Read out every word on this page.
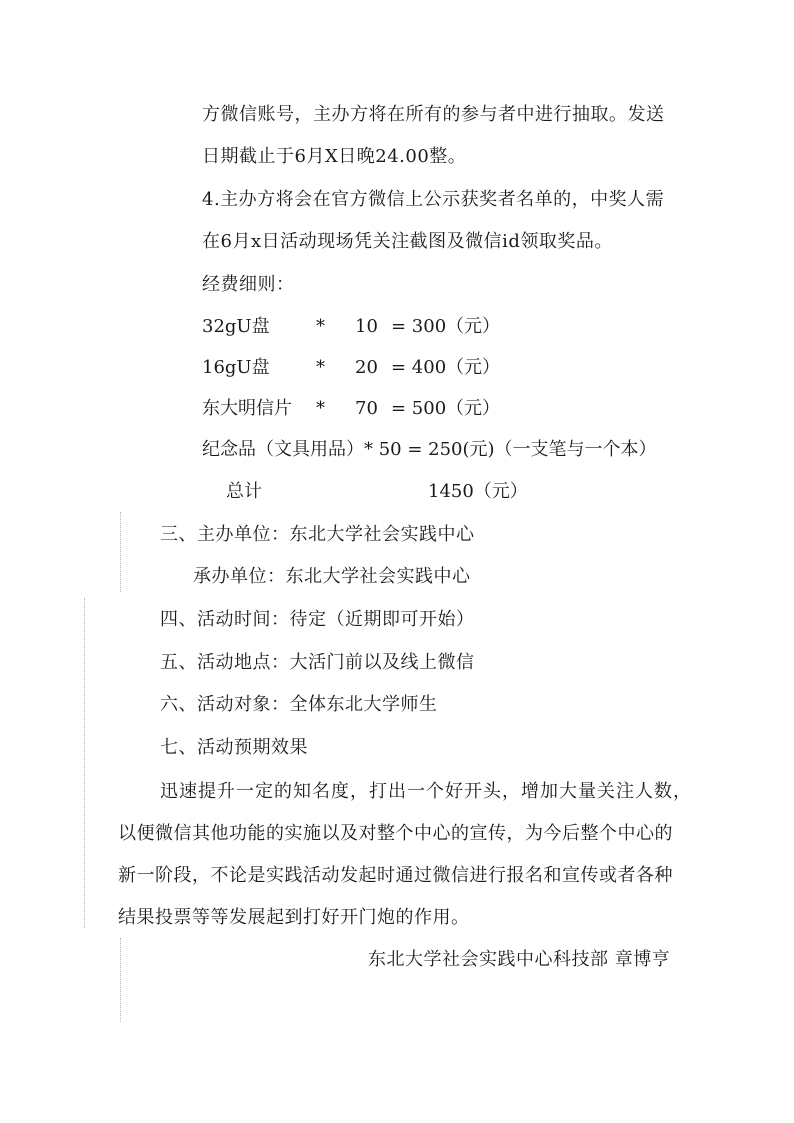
方微信账号，主办方将在所有的参与者中进行抽取。发送
日期截止于6月X日晚24.00整。
4.主办方将会在官方微信上公示获奖者名单的，中奖人需
在6月x日活动现场凭关注截图及微信id领取奖品。
经费细则：
32gU盘	* 10 = 300 （元）
16gU盘	* 20 = 400 （元）
东大明信片 * 70 = 500 （元）
纪念品（文具用品）* 50 = 250(元)（一支笔与一个本）
总计	1450（元）
三、主办单位：东北大学社会实践中心
承办单位：东北大学社会实践中心
四、活动时间：待定（近期即可开始）
五、活动地点：大活门前以及线上微信
六、活动对象：全体东北大学师生
七、活动预期效果
迅速提升一定的知名度，打出一个好开头，增加大量关注人数，
以便微信其他功能的实施以及对整个中心的宣传，为今后整个中心的
新一阶段，不论是实践活动发起时通过微信进行报名和宣传或者各种
结果投票等等发展起到打好开门炮的作用。
东北大学社会实践中心科技部 章博亨
